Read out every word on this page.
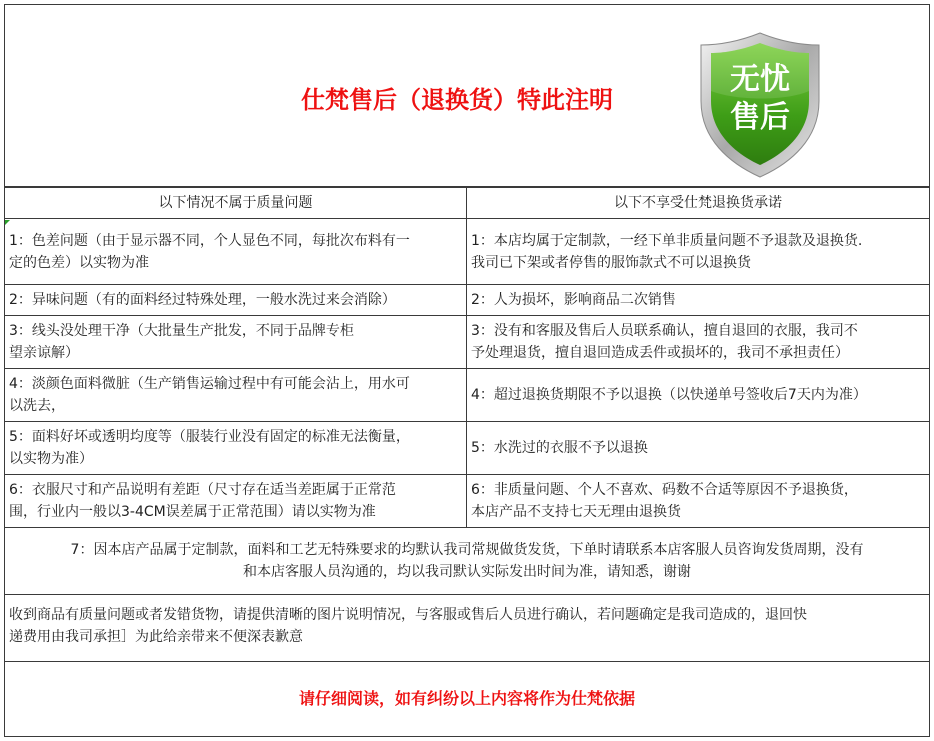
仕梵售后（退换货）特此注明
无忧
售后
以下情况不属于质量问题	以下不享受仕梵退换货承诺
1：色差问题（由于显示器不同，个人显色不同，每批次布料有一
定的色差）以实物为准
1：本店均属于定制款，一经下单非质量问题不予退款及退换货.
我司已下架或者停售的服饰款式不可以退换货
2：异味问题（有的面料经过特殊处理，一般水洗过来会消除）	2：人为损坏，影响商品二次销售
3：线头没处理干净（大批量生产批发，不同于品牌专柜
望亲谅解）
3：没有和客服及售后人员联系确认，擅自退回的衣服，我司不
予处理退货，擅自退回造成丢件或损坏的，我司不承担责任）
4：淡颜色面料微脏（生产销售运输过程中有可能会沾上，用水可
以洗去，
4：超过退换货期限不予以退换（以快递单号签收后7天内为准）
5：面料好坏或透明均度等（服装行业没有固定的标准无法衡量，
以实物为准）
5：水洗过的衣服不予以退换
6：衣服尺寸和产品说明有差距（尺寸存在适当差距属于正常范
围，行业内一般以3-4CM误差属于正常范围）请以实物为准
6：非质量问题、个人不喜欢、码数不合适等原因不予退换货，
本店产品不支持七天无理由退换货
7：因本店产品属于定制款，面料和工艺无特殊要求的均默认我司常规做货发货，下单时请联系本店客服人员咨询发货周期，没有
和本店客服人员沟通的，均以我司默认实际发出时间为准，请知悉，谢谢
收到商品有质量问题或者发错货物，请提供清晰的图片说明情况，与客服或售后人员进行确认，若问题确定是我司造成的，退回快
递费用由我司承担］为此给亲带来不便深表歉意
请仔细阅读，如有纠纷以上内容将作为仕梵依据
